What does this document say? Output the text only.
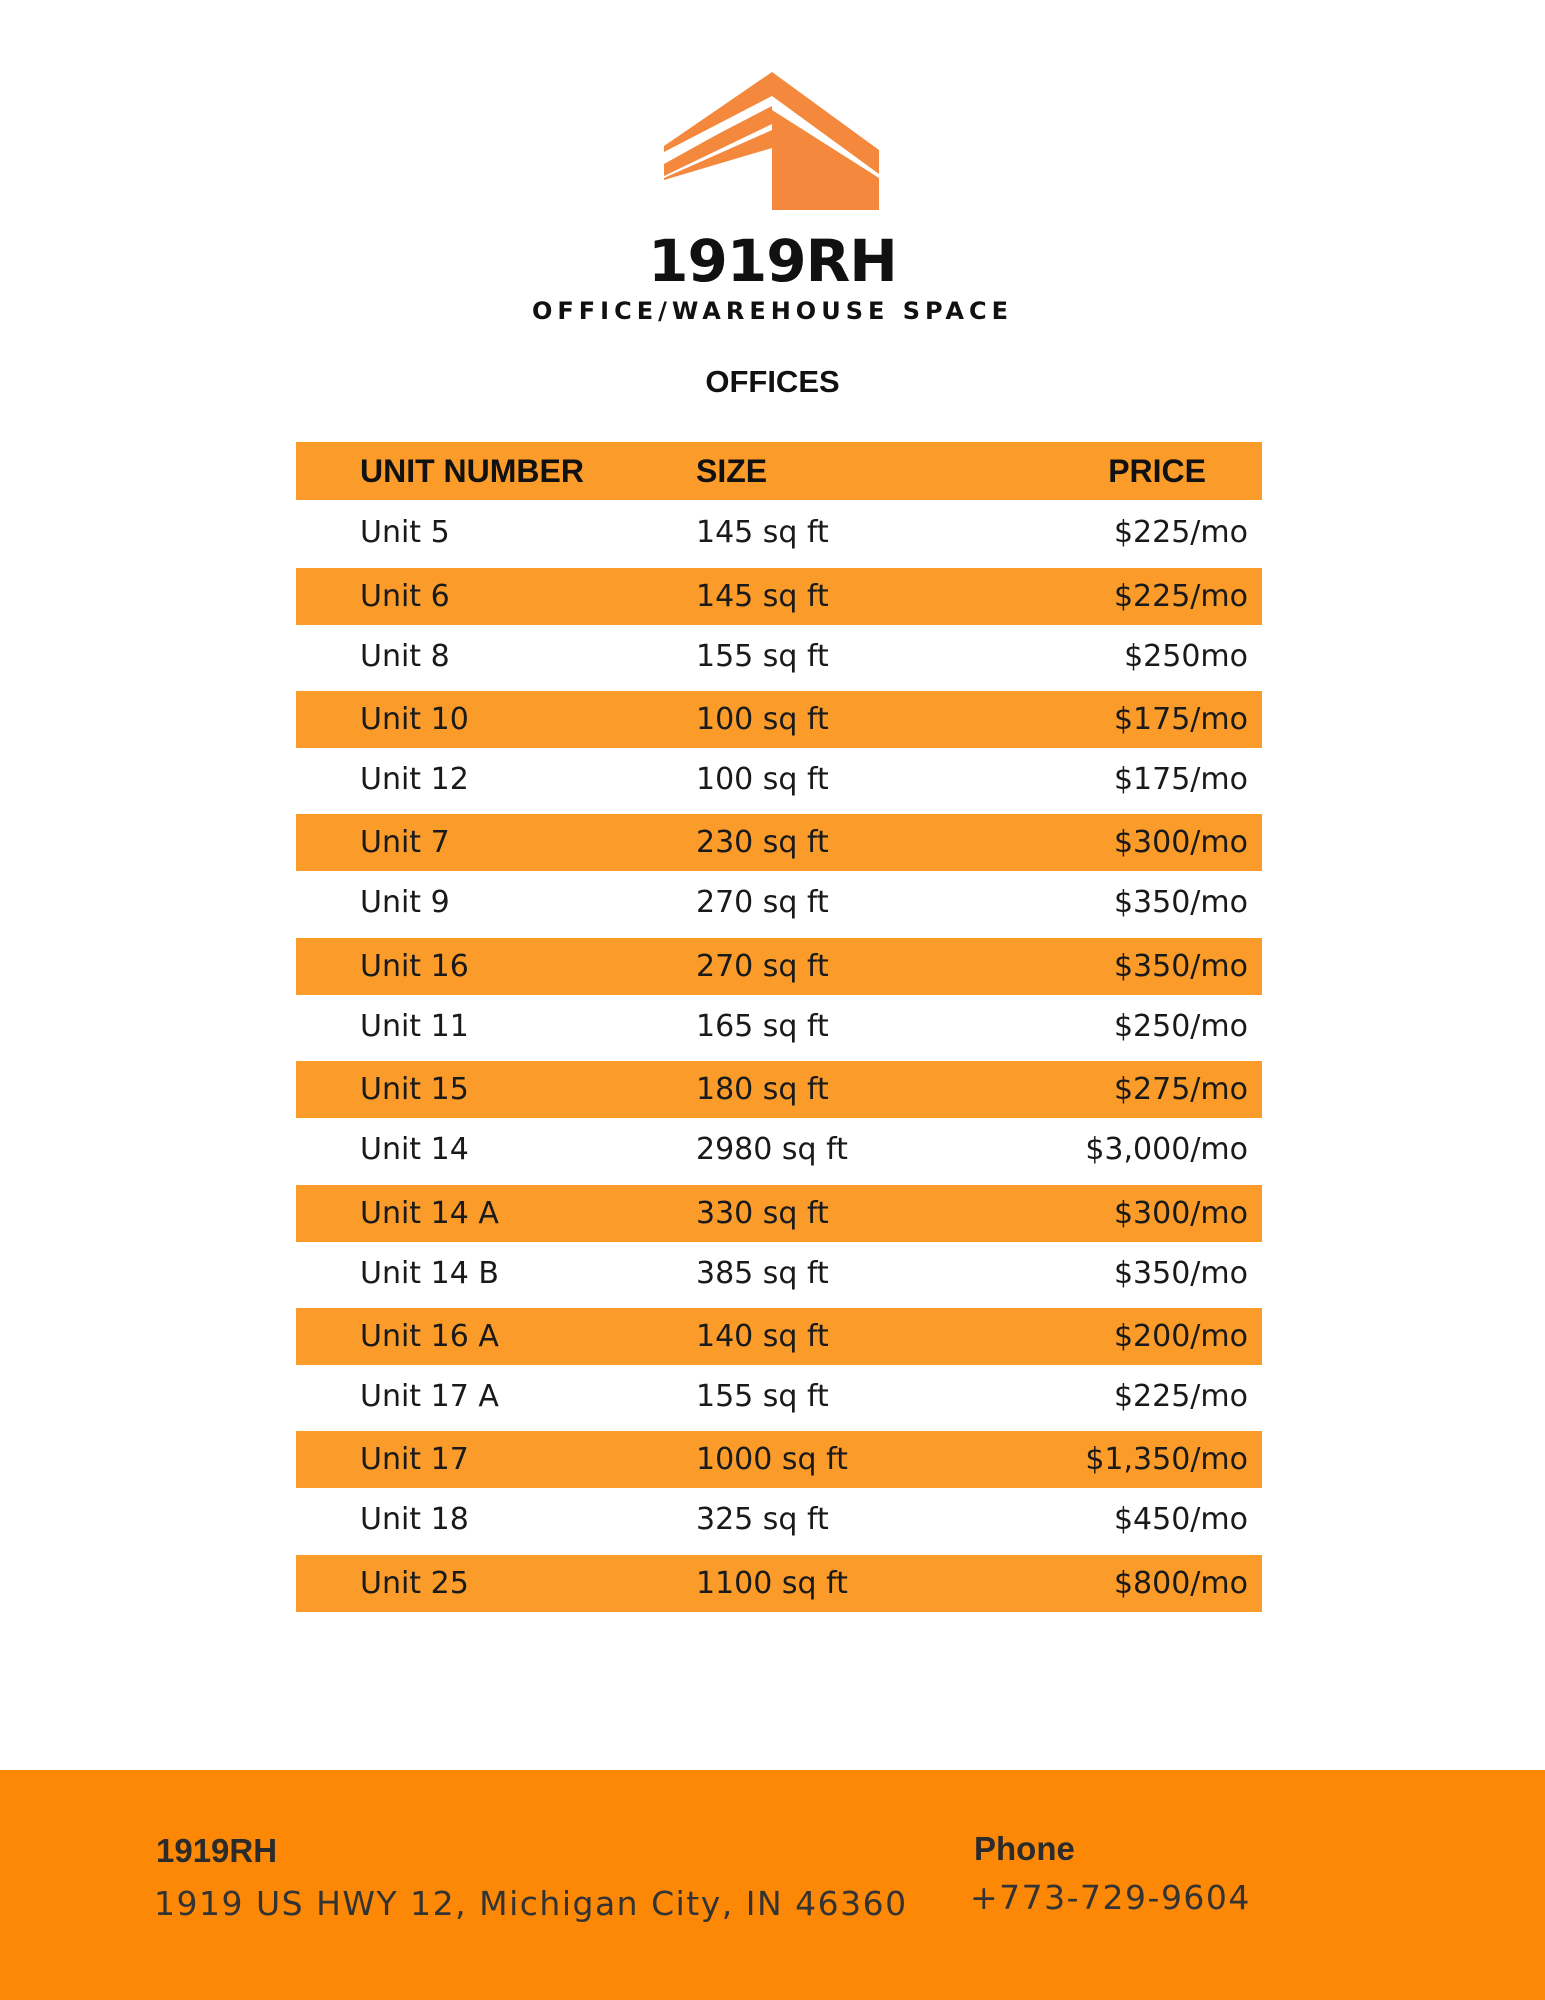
1919RH
OFFICE/WAREHOUSE SPACE
OFFICES
UNIT NUMBER	SIZE	PRICE
Unit 5	145 sq ft	$225/mo
Unit 6	145 sq ft	$225/mo
Unit 8	155 sq ft	$250mo
Unit 10	100 sq ft	$175/mo
Unit 12	100 sq ft	$175/mo
Unit 7	230 sq ft	$300/mo
Unit 9	270 sq ft	$350/mo
Unit 16	270 sq ft	$350/mo
Unit 11	165 sq ft	$250/mo
Unit 15	180 sq ft	$275/mo
Unit 14	2980 sq ft	$3,000/mo
Unit 14 A	330 sq ft	$300/mo
Unit 14 B	385 sq ft	$350/mo
Unit 16 A	140 sq ft	$200/mo
Unit 17 A	155 sq ft	$225/mo
Unit 17	1000 sq ft	$1,350/mo
Unit 18	325 sq ft	$450/mo
Unit 25	1100 sq ft	$800/mo
1919RH
1919 US HWY 12, Michigan City, IN 46360
Phone
+773-729-9604
